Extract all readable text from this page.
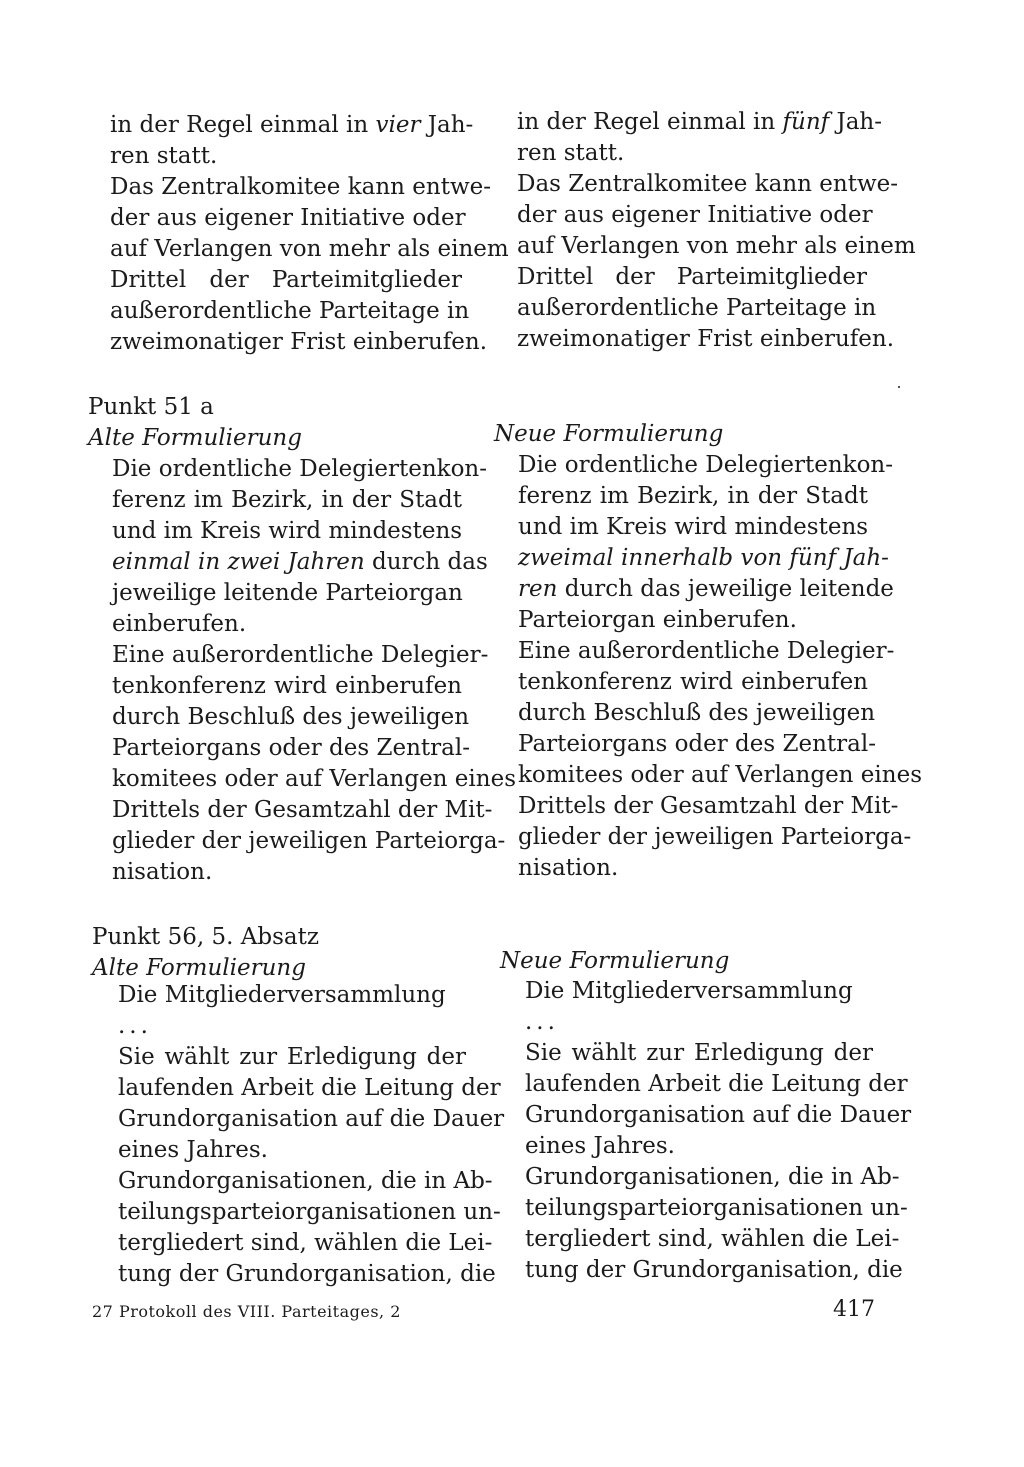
in der Regel einmal in vier Jah-
ren statt.
Das Zentralkomitee kann entwe-
der aus eigener Initiative oder
auf Verlangen von mehr als einem
Drittel der Parteimitglieder
außerordentliche Parteitage in
zweimonatiger Frist einberufen.
Punkt 51 a
Alte Formulierung
Die ordentliche Delegiertenkon-
ferenz im Bezirk, in der Stadt
und im Kreis wird mindestens
einmal in zwei Jahren durch das
jeweilige leitende Parteiorgan
einberufen.
Eine außerordentliche Delegier-
tenkonferenz wird einberufen
durch Beschluß des jeweiligen
Parteiorgans oder des Zentral-
komitees oder auf Verlangen eines
Drittels der Gesamtzahl der Mit-
glieder der jeweiligen Parteiorga-
nisation.
Punkt 56, 5. Absatz
Alte Formulierung
Die Mitgliederversammlung
...
Sie wählt zur Erledigung der
laufenden Arbeit die Leitung der
Grundorganisation auf die Dauer
eines Jahres.
Grundorganisationen, die in Ab-
teilungsparteiorganisationen un-
tergliedert sind, wählen die Lei-
tung der Grundorganisation, die
in der Regel einmal in fünf Jah-
ren statt.
Das Zentralkomitee kann entwe-
der aus eigener Initiative oder
auf Verlangen von mehr als einem
Drittel der Parteimitglieder
außerordentliche Parteitage in
zweimonatiger Frist einberufen.
Neue Formulierung
Die ordentliche Delegiertenkon-
ferenz im Bezirk, in der Stadt
und im Kreis wird mindestens
zweimal innerhalb von fünf Jah-
ren durch das jeweilige leitende
Parteiorgan einberufen.
Eine außerordentliche Delegier-
tenkonferenz wird einberufen
durch Beschluß des jeweiligen
Parteiorgans oder des Zentral-
komitees oder auf Verlangen eines
Drittels der Gesamtzahl der Mit-
glieder der jeweiligen Parteiorga-
nisation.
Neue Formulierung
Die Mitgliederversammlung
...
Sie wählt zur Erledigung der
laufenden Arbeit die Leitung der
Grundorganisation auf die Dauer
eines Jahres.
Grundorganisationen, die in Ab-
teilungsparteiorganisationen un-
tergliedert sind, wählen die Lei-
tung der Grundorganisation, die
27 Protokoll des VIII. Parteitages, 2	417
